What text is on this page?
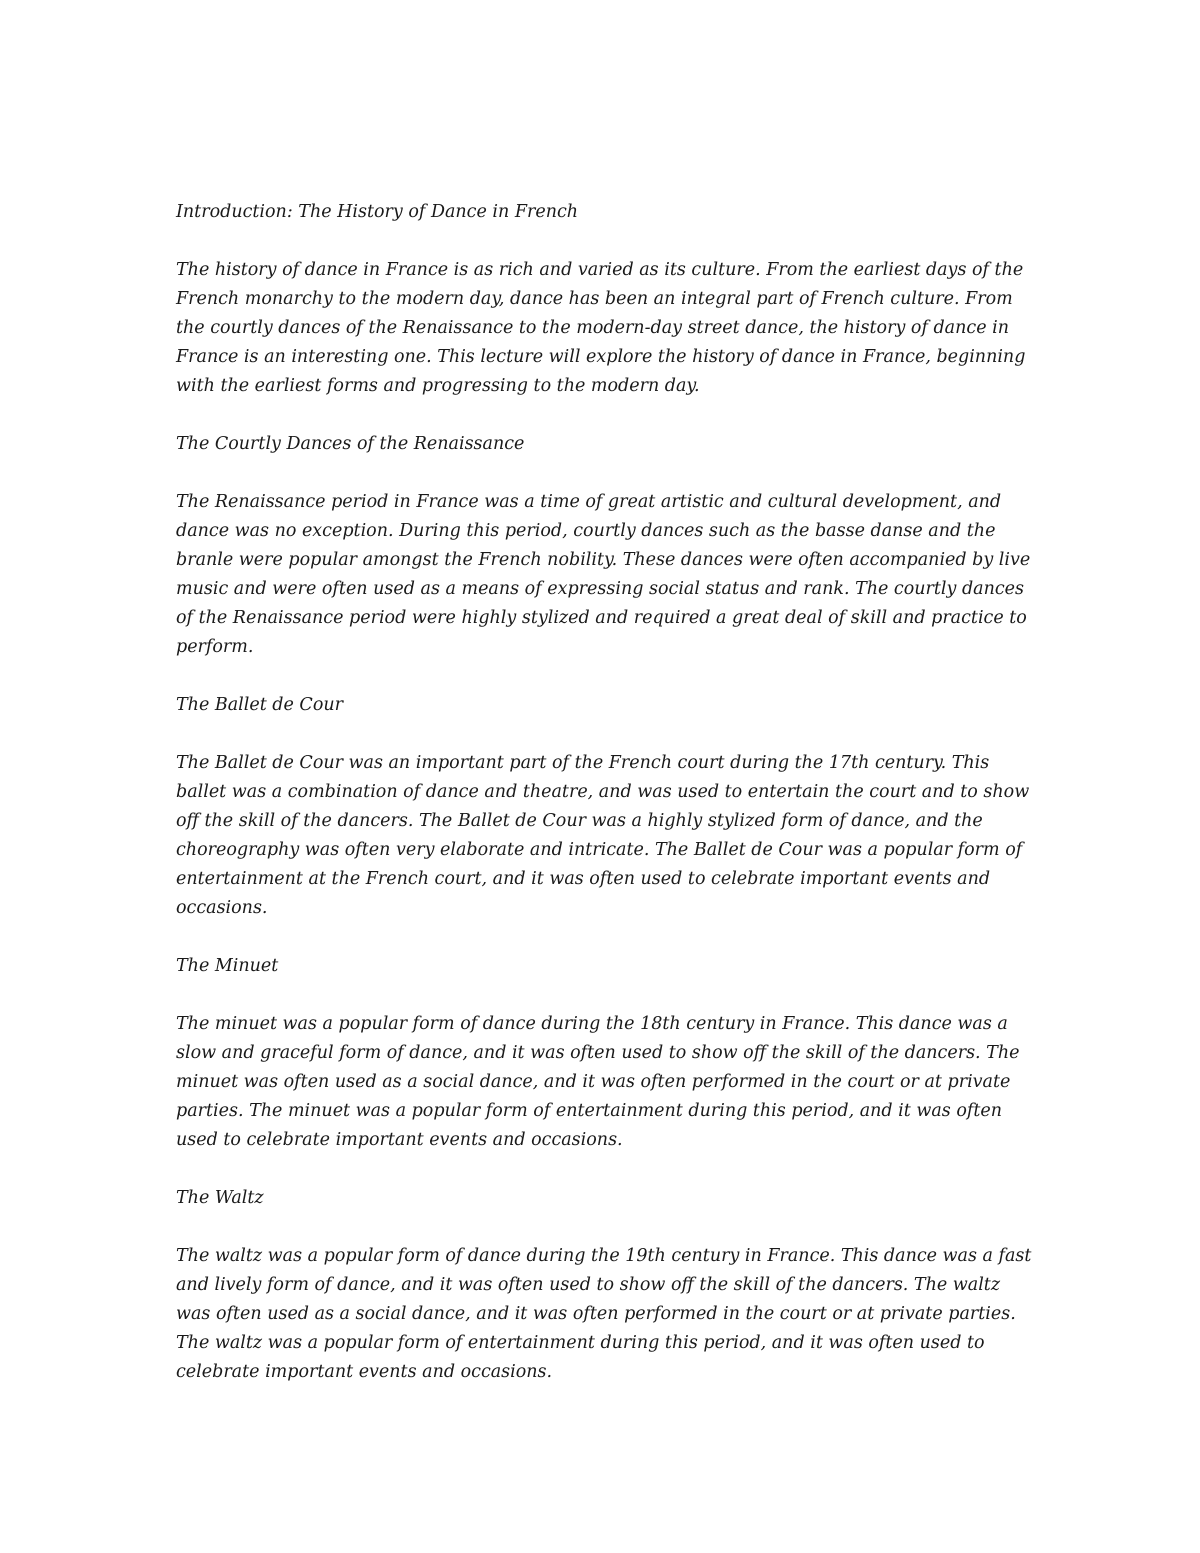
Introduction: The History of Dance in French

The history of dance in France is as rich and varied as its culture. From the earliest days of the French monarchy to the modern day, dance has been an integral part of French culture. From the courtly dances of the Renaissance to the modern-day street dance, the history of dance in France is an interesting one. This lecture will explore the history of dance in France, beginning with the earliest forms and progressing to the modern day.

The Courtly Dances of the Renaissance

The Renaissance period in France was a time of great artistic and cultural development, and dance was no exception. During this period, courtly dances such as the basse danse and the branle were popular amongst the French nobility. These dances were often accompanied by live music and were often used as a means of expressing social status and rank. The courtly dances of the Renaissance period were highly stylized and required a great deal of skill and practice to perform.

The Ballet de Cour

The Ballet de Cour was an important part of the French court during the 17th century. This ballet was a combination of dance and theatre, and was used to entertain the court and to show off the skill of the dancers. The Ballet de Cour was a highly stylized form of dance, and the choreography was often very elaborate and intricate. The Ballet de Cour was a popular form of entertainment at the French court, and it was often used to celebrate important events and occasions.

The Minuet

The minuet was a popular form of dance during the 18th century in France. This dance was a slow and graceful form of dance, and it was often used to show off the skill of the dancers. The minuet was often used as a social dance, and it was often performed in the court or at private parties. The minuet was a popular form of entertainment during this period, and it was often used to celebrate important events and occasions.

The Waltz

The waltz was a popular form of dance during the 19th century in France. This dance was a fast and lively form of dance, and it was often used to show off the skill of the dancers. The waltz was often used as a social dance, and it was often performed in the court or at private parties. The waltz was a popular form of entertainment during this period, and it was often used to celebrate important events and occasions.
